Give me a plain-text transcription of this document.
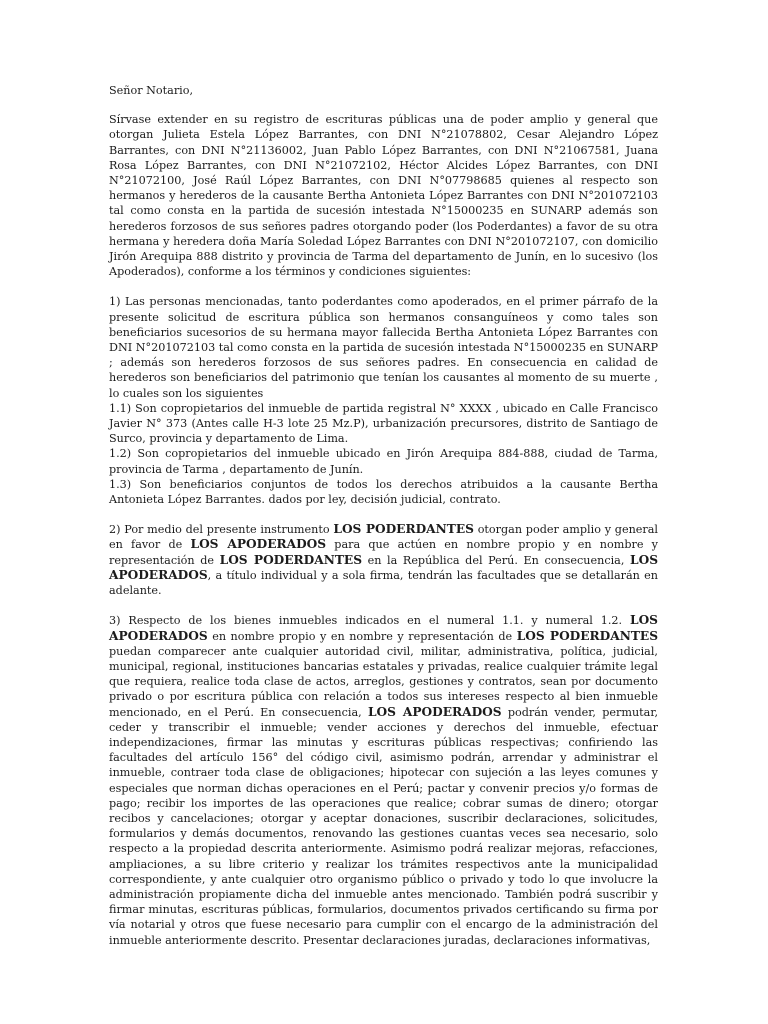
Señor Notario,

Sírvase extender en su registro de escrituras públicas una de poder amplio y general que otorgan Julieta Estela López Barrantes, con DNI N°21078802, Cesar Alejandro López Barrantes, con DNI N°21136002, Juan Pablo López Barrantes, con DNI N°21067581, Juana Rosa López Barrantes, con DNI N°21072102, Héctor Alcides López Barrantes, con DNI N°21072100, José Raúl López Barrantes, con DNI N°07798685 quienes al respecto son hermanos y herederos de la causante Bertha Antonieta López Barrantes con DNI N°201072103 tal como consta en la partida de sucesión intestada N°15000235 en SUNARP además son herederos forzosos de sus señores padres otorgando poder (los Poderdantes) a favor de su otra hermana y heredera doña María Soledad López Barrantes con DNI N°201072107, con domicilio Jirón Arequipa 888 distrito y provincia de Tarma del departamento de Junín, en lo sucesivo (los Apoderados), conforme a los términos y condiciones siguientes:

1) Las personas mencionadas, tanto poderdantes como apoderados, en el primer párrafo de la presente solicitud de escritura pública son hermanos consanguíneos y como tales son beneficiarios sucesorios de su hermana mayor fallecida Bertha Antonieta López Barrantes con DNI N°201072103 tal como consta en la partida de sucesión intestada N°15000235 en SUNARP ; además son herederos forzosos de sus señores padres. En consecuencia en calidad de herederos son beneficiarios del patrimonio que tenían los causantes al momento de su muerte , lo cuales son los siguientes

1.1) Son copropietarios del inmueble de partida registral N° XXXX , ubicado en Calle Francisco Javier N° 373 (Antes calle H-3 lote 25 Mz.P), urbanización precursores, distrito de Santiago de Surco, provincia y departamento de Lima.

1.2) Son copropietarios del inmueble ubicado en Jirón Arequipa 884-888, ciudad de Tarma, provincia de Tarma , departamento de Junín.

1.3) Son beneficiarios conjuntos de todos los derechos atribuidos a la causante Bertha Antonieta López Barrantes. dados por ley, decisión judicial, contrato.

2) Por medio del presente instrumento LOS PODERDANTES otorgan poder amplio y general en favor de LOS APODERADOS para que actúen en nombre propio y en nombre y representación de LOS PODERDANTES en la República del Perú. En consecuencia, LOS APODERADOS, a título individual y a sola firma, tendrán las facultades que se detallarán en adelante.

3) Respecto de los bienes inmuebles indicados en el numeral 1.1. y numeral 1.2. LOS APODERADOS en nombre propio y en nombre y representación de LOS PODERDANTES puedan comparecer ante cualquier autoridad civil, militar, administrativa, política, judicial, municipal, regional, instituciones bancarias estatales y privadas, realice cualquier trámite legal que requiera, realice toda clase de actos, arreglos, gestiones y contratos, sean por documento privado o por escritura pública con relación a todos sus intereses respecto al bien inmueble mencionado, en el Perú. En consecuencia, LOS APODERADOS podrán vender, permutar, ceder y transcribir el inmueble; vender acciones y derechos del inmueble, efectuar independizaciones, firmar las minutas y escrituras públicas respectivas; confiriendo las facultades del artículo 156° del código civil, asimismo podrán, arrendar y administrar el inmueble, contraer toda clase de obligaciones; hipotecar con sujeción a las leyes comunes y especiales que norman dichas operaciones en el Perú; pactar y convenir precios y/o formas de pago; recibir los importes de las operaciones que realice; cobrar sumas de dinero; otorgar recibos y cancelaciones; otorgar y aceptar donaciones, suscribir declaraciones, solicitudes, formularios y demás documentos, renovando las gestiones cuantas veces sea necesario, solo respecto a la propiedad descrita anteriormente. Asimismo podrá realizar mejoras, refacciones, ampliaciones, a su libre criterio y realizar los trámites respectivos ante la municipalidad correspondiente, y ante cualquier otro organismo público o privado y todo lo que involucre la administración propiamente dicha del inmueble antes mencionado. También podrá suscribir y firmar minutas, escrituras públicas, formularios, documentos privados certificando su firma por vía notarial y otros que fuese necesario para cumplir con el encargo de la administración del inmueble anteriormente descrito. Presentar declaraciones juradas, declaraciones informativas,
